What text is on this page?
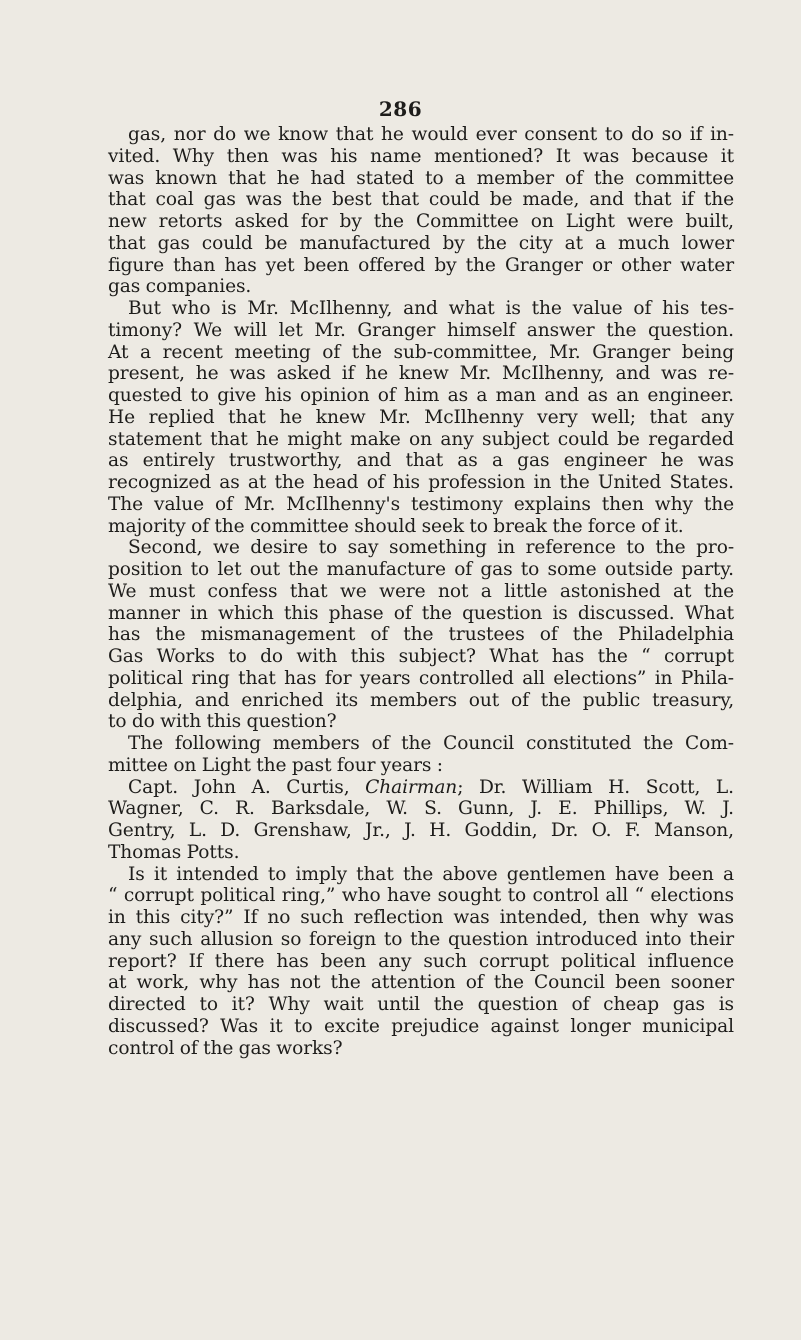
286
gas, nor do we know that he would ever consent to do so if in-
vited. Why then was his name mentioned? It was because it
was known that he had stated to a member of the committee
that coal gas was the best that could be made, and that if the
new retorts asked for by the Committee on Light were built,
that gas could be manufactured by the city at a much lower
figure than has yet been offered by the Granger or other water
gas companies.
But who is Mr. McIlhenny, and what is the value of his tes-
timony? We will let Mr. Granger himself answer the question.
At a recent meeting of the sub-committee, Mr. Granger being
present, he was asked if he knew Mr. McIlhenny, and was re-
quested to give his opinion of him as a man and as an engineer.
He replied that he knew Mr. McIlhenny very well; that any
statement that he might make on any subject could be regarded
as entirely trustworthy, and that as a gas engineer he was
recognized as at the head of his profession in the United States.
The value of Mr. McIlhenny's testimony explains then why the
majority of the committee should seek to break the force of it.
Second, we desire to say something in reference to the pro-
position to let out the manufacture of gas to some outside party.
We must confess that we were not a little astonished at the
manner in which this phase of the question is discussed. What
has the mismanagement of the trustees of the Philadelphia
Gas Works to do with this subject? What has the “ corrupt
political ring that has for years controlled all elections” in Phila-
delphia, and enriched its members out of the public treasury,
to do with this question?
The following members of the Council constituted the Com-
mittee on Light the past four years :
Capt. John A. Curtis, Chairman; Dr. William H. Scott, L.
Wagner, C. R. Barksdale, W. S. Gunn, J. E. Phillips, W. J.
Gentry, L. D. Grenshaw, Jr., J. H. Goddin, Dr. O. F. Manson,
Thomas Potts.
Is it intended to imply that the above gentlemen have been a
“ corrupt political ring,” who have sought to control all “ elections
in this city?” If no such reflection was intended, then why was
any such allusion so foreign to the question introduced into their
report? If there has been any such corrupt political influence
at work, why has not the attention of the Council been sooner
directed to it? Why wait until the question of cheap gas is
discussed? Was it to excite prejudice against longer municipal
control of the gas works?
